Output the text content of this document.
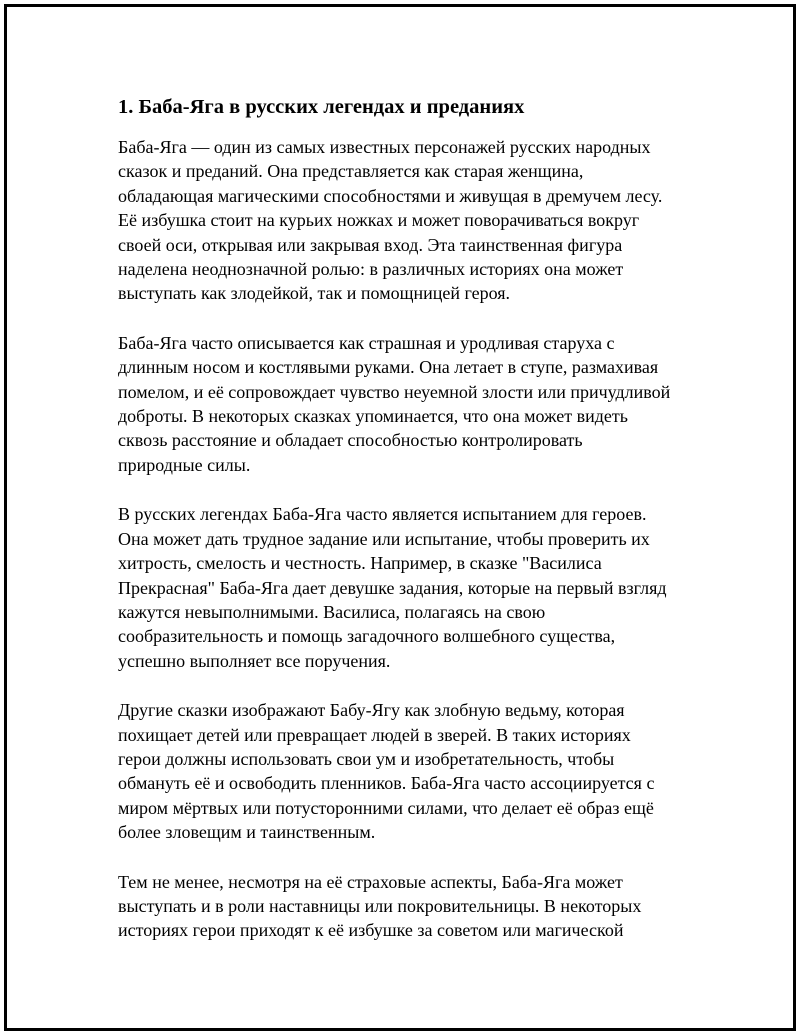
1. Баба-Яга в русских легендах и преданиях
Баба-Яга — один из самых известных персонажей русских народных
сказок и преданий. Она представляется как старая женщина,
обладающая магическими способностями и живущая в дремучем лесу.
Её избушка стоит на курьих ножках и может поворачиваться вокруг
своей оси, открывая или закрывая вход. Эта таинственная фигура
наделена неоднозначной ролью: в различных историях она может
выступать как злодейкой, так и помощницей героя.
Баба-Яга часто описывается как страшная и уродливая старуха с
длинным носом и костлявыми руками. Она летает в ступе, размахивая
помелом, и её сопровождает чувство неуемной злости или причудливой
доброты. В некоторых сказках упоминается, что она может видеть
сквозь расстояние и обладает способностью контролировать
природные силы.
В русских легендах Баба-Яга часто является испытанием для героев.
Она может дать трудное задание или испытание, чтобы проверить их
хитрость, смелость и честность. Например, в сказке "Василиса
Прекрасная" Баба-Яга дает девушке задания, которые на первый взгляд
кажутся невыполнимыми. Василиса, полагаясь на свою
сообразительность и помощь загадочного волшебного существа,
успешно выполняет все поручения.
Другие сказки изображают Бабу-Ягу как злобную ведьму, которая
похищает детей или превращает людей в зверей. В таких историях
герои должны использовать свои ум и изобретательность, чтобы
обмануть её и освободить пленников. Баба-Яга часто ассоциируется с
миром мёртвых или потусторонними силами, что делает её образ ещё
более зловещим и таинственным.
Тем не менее, несмотря на её страховые аспекты, Баба-Яга может
выступать и в роли наставницы или покровительницы. В некоторых
историях герои приходят к её избушке за советом или магической
